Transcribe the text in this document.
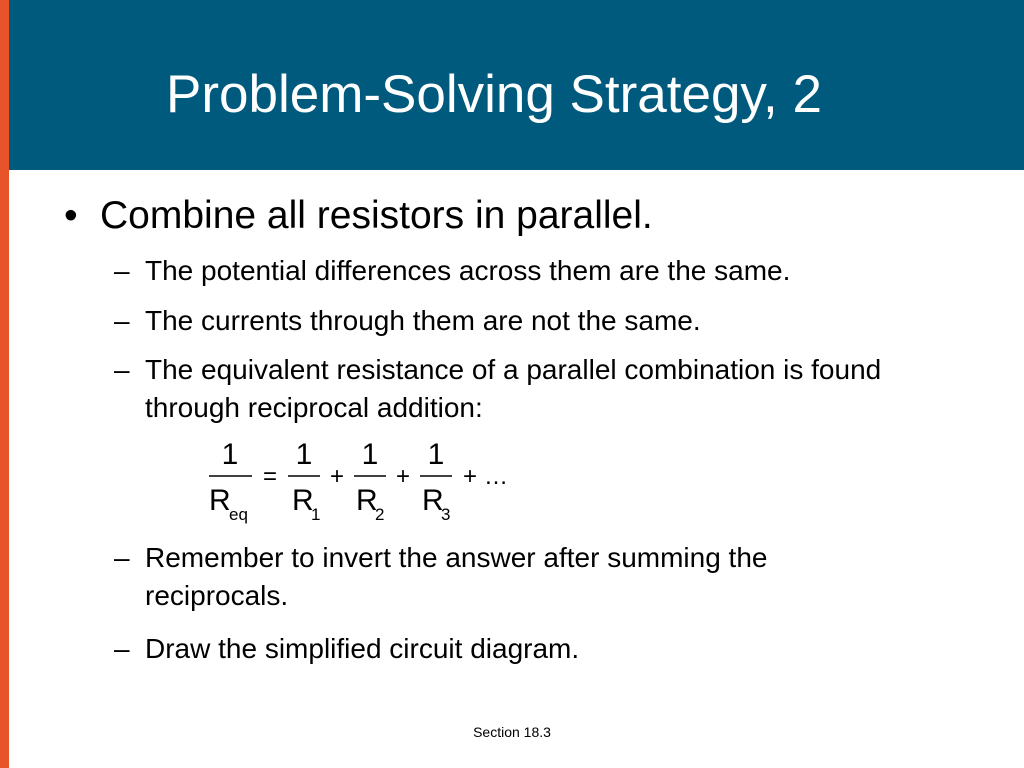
Problem-Solving Strategy, 2
• Combine all resistors in parallel.
– The potential differences across them are the same.
– The currents through them are not the same.
– The equivalent resistance of a parallel combination is found through reciprocal addition:
1
R
eq
=
1
R
1
+
1
R
2
+
1
R
3
+ …
– Remember to invert the answer after summing the reciprocals.
– Draw the simplified circuit diagram.
Section 18.3
